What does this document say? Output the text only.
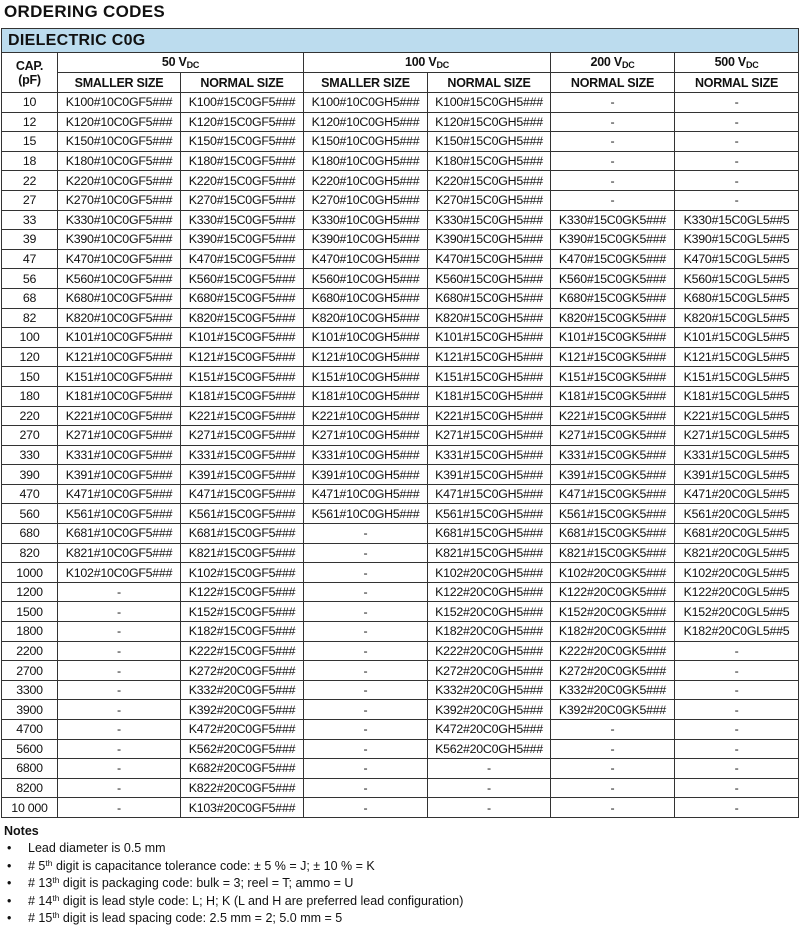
ORDERING CODES
DIELECTRIC C0G						
CAP.
(pF)	50 $V_{DC}$		100 $V_{DC}$		200 $V_{DC}$	500 $V_{DC}$
	SMALLER SIZE	NORMAL SIZE	SMALLER SIZE	NORMAL SIZE	NORMAL SIZE	NORMAL SIZE
10	K100#10C0GF5###	K100#15C0GF5###	K100#10C0GH5###	K100#15C0GH5###	-	-
12	K120#10C0GF5###	K120#15C0GF5###	K120#10C0GH5###	K120#15C0GH5###	-	-
15	K150#10C0GF5###	K150#15C0GF5###	K150#10C0GH5###	K150#15C0GH5###	-	-
18	K180#10C0GF5###	K180#15C0GF5###	K180#10C0GH5###	K180#15C0GH5###	-	-
22	K220#10C0GF5###	K220#15C0GF5###	K220#10C0GH5###	K220#15C0GH5###	-	-
27	K270#10C0GF5###	K270#15C0GF5###	K270#10C0GH5###	K270#15C0GH5###	-	-
33	K330#10C0GF5###	K330#15C0GF5###	K330#10C0GH5###	K330#15C0GH5###	K330#15C0GK5###	K330#15C0GL5##5
39	K390#10C0GF5###	K390#15C0GF5###	K390#10C0GH5###	K390#15C0GH5###	K390#15C0GK5###	K390#15C0GL5##5
47	K470#10C0GF5###	K470#15C0GF5###	K470#10C0GH5###	K470#15C0GH5###	K470#15C0GK5###	K470#15C0GL5##5
56	K560#10C0GF5###	K560#15C0GF5###	K560#10C0GH5###	K560#15C0GH5###	K560#15C0GK5###	K560#15C0GL5##5
68	K680#10C0GF5###	K680#15C0GF5###	K680#10C0GH5###	K680#15C0GH5###	K680#15C0GK5###	K680#15C0GL5##5
82	K820#10C0GF5###	K820#15C0GF5###	K820#10C0GH5###	K820#15C0GH5###	K820#15C0GK5###	K820#15C0GL5##5
100	K101#10C0GF5###	K101#15C0GF5###	K101#10C0GH5###	K101#15C0GH5###	K101#15C0GK5###	K101#15C0GL5##5
120	K121#10C0GF5###	K121#15C0GF5###	K121#10C0GH5###	K121#15C0GH5###	K121#15C0GK5###	K121#15C0GL5##5
150	K151#10C0GF5###	K151#15C0GF5###	K151#10C0GH5###	K151#15C0GH5###	K151#15C0GK5###	K151#15C0GL5##5
180	K181#10C0GF5###	K181#15C0GF5###	K181#10C0GH5###	K181#15C0GH5###	K181#15C0GK5###	K181#15C0GL5##5
220	K221#10C0GF5###	K221#15C0GF5###	K221#10C0GH5###	K221#15C0GH5###	K221#15C0GK5###	K221#15C0GL5##5
270	K271#10C0GF5###	K271#15C0GF5###	K271#10C0GH5###	K271#15C0GH5###	K271#15C0GK5###	K271#15C0GL5##5
330	K331#10C0GF5###	K331#15C0GF5###	K331#10C0GH5###	K331#15C0GH5###	K331#15C0GK5###	K331#15C0GL5##5
390	K391#10C0GF5###	K391#15C0GF5###	K391#10C0GH5###	K391#15C0GH5###	K391#15C0GK5###	K391#15C0GL5##5
470	K471#10C0GF5###	K471#15C0GF5###	K471#10C0GH5###	K471#15C0GH5###	K471#15C0GK5###	K471#20C0GL5##5
560	K561#10C0GF5###	K561#15C0GF5###	K561#10C0GH5###	K561#15C0GH5###	K561#15C0GK5###	K561#20C0GL5##5
680	K681#10C0GF5###	K681#15C0GF5###	-	K681#15C0GH5###	K681#15C0GK5###	K681#20C0GL5##5
820	K821#10C0GF5###	K821#15C0GF5###	-	K821#15C0GH5###	K821#15C0GK5###	K821#20C0GL5##5
1000	K102#10C0GF5###	K102#15C0GF5###	-	K102#20C0GH5###	K102#20C0GK5###	K102#20C0GL5##5
1200	-	K122#15C0GF5###	-	K122#20C0GH5###	K122#20C0GK5###	K122#20C0GL5##5
1500	-	K152#15C0GF5###	-	K152#20C0GH5###	K152#20C0GK5###	K152#20C0GL5##5
1800	-	K182#15C0GF5###	-	K182#20C0GH5###	K182#20C0GK5###	K182#20C0GL5##5
2200	-	K222#15C0GF5###	-	K222#20C0GH5###	K222#20C0GK5###	-
2700	-	K272#20C0GF5###	-	K272#20C0GH5###	K272#20C0GK5###	-
3300	-	K332#20C0GF5###	-	K332#20C0GH5###	K332#20C0GK5###	-
3900	-	K392#20C0GF5###	-	K392#20C0GH5###	K392#20C0GK5###	-
4700	-	K472#20C0GF5###	-	K472#20C0GH5###	-	-
5600	-	K562#20C0GF5###	-	K562#20C0GH5###	-	-
6800	-	K682#20C0GF5###	-	-	-	-
8200	-	K822#20C0GF5###	-	-	-	-
10 000	-	K103#20C0GF5###	-	-	-	-
Notes
• Lead diameter is 0.5 mm
• # 5th digit is capacitance tolerance code: ± 5 % = J; ± 10 % = K
• # 13th digit is packaging code: bulk = 3; reel = T; ammo = U
• # 14th digit is lead style code: L; H; K (L and H are preferred lead configuration)
• # 15th digit is lead spacing code: 2.5 mm = 2; 5.0 mm = 5
